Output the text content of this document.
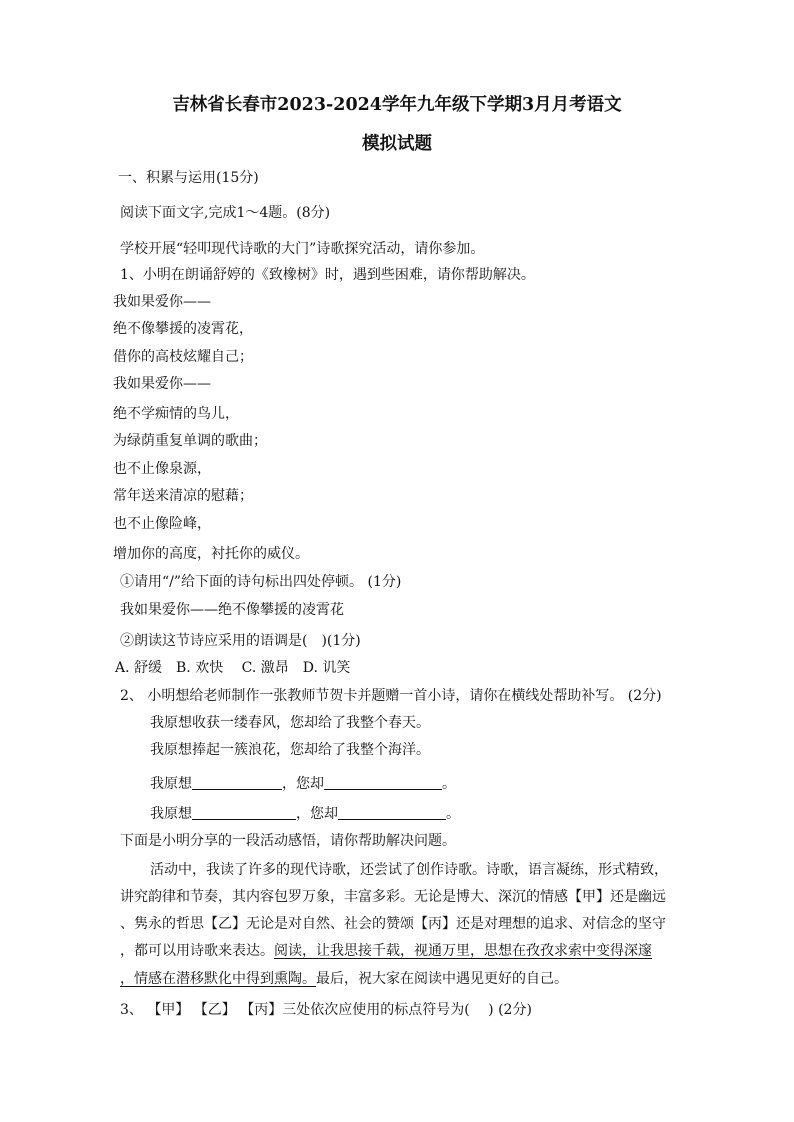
吉林省长春市2023-2024学年九年级下学期3月月考语文
模拟试题
一、积累与运用(15分)
阅读下面文字,完成1～4题。(8分)
学校开展“轻叩现代诗歌的大门”诗歌探究活动，请你参加。
1、小明在朗诵舒婷的《致橡树》时，遇到些困难，请你帮助解决。
我如果爱你——
绝不像攀援的凌霄花，
借你的高枝炫耀自己；
我如果爱你——
绝不学痴情的鸟儿，
为绿荫重复单调的歌曲；
也不止像泉源，
常年送来清凉的慰藉；
也不止像险峰，
增加你的高度，衬托你的威仪。
①请用“/”给下面的诗句标出四处停顿。 (1分)
我如果爱你——绝不像攀援的凌霄花
②朗读这节诗应采用的语调是(　)(1分)
A. 舒缓　B. 欢快　 C. 激昂　D. 讥笑
2、 小明想给老师制作一张教师节贺卡并题赠一首小诗，请你在横线处帮助补写。 (2分)
我原想收获一缕春风，您却给了我整个春天。
我原想捧起一簇浪花，您却给了我整个海洋。
我原想	，您却	。
我原想	，您却	。
下面是小明分享的一段活动感悟，请你帮助解决问题。
活动中，我读了许多的现代诗歌，还尝试了创作诗歌。诗歌，语言凝练，形式精致，
讲究韵律和节奏，其内容包罗万象，丰富多彩。无论是博大、深沉的情感【甲】还是幽远
、隽永的哲思【乙】无论是对自然、社会的赞颂【丙】还是对理想的追求、对信念的坚守
，都可以用诗歌来表达。阅读，让我思接千载，视通万里，思想在孜孜求索中变得深邃
，情感在潜移默化中得到熏陶。最后，祝大家在阅读中遇见更好的自己。
3、 【甲】 【乙】 【丙】三处依次应使用的标点符号为(　 ) (2分)
